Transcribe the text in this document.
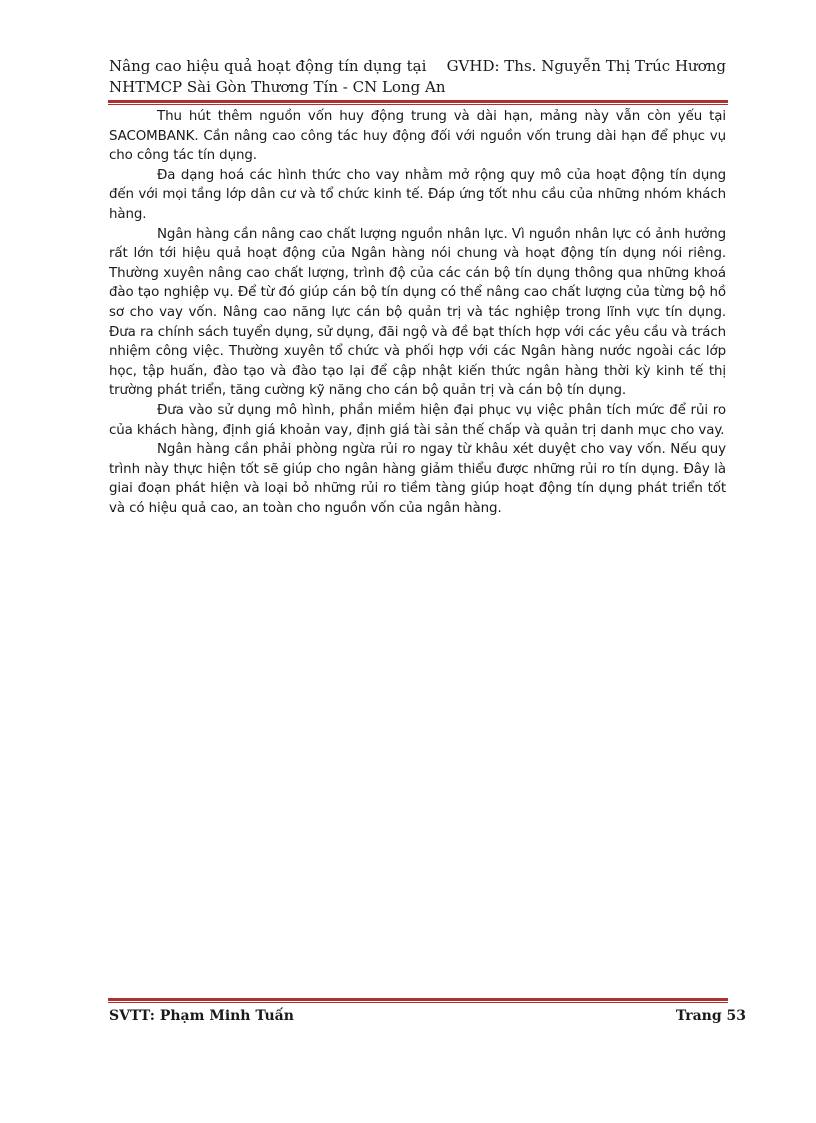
Nâng cao hiệu quả hoạt động tín dụng tại GVHD: Ths. Nguyễn Thị Trúc Hương
NHTMCP Sài Gòn Thương Tín - CN Long An

Thu hút thêm nguồn vốn huy động trung và dài hạn, mảng này vẫn còn yếu tại SACOMBANK. Cần nâng cao công tác huy động đối với nguồn vốn trung dài hạn để phục vụ cho công tác tín dụng.

Đa dạng hoá các hình thức cho vay nhằm mở rộng quy mô của hoạt động tín dụng đến với mọi tầng lớp dân cư và tổ chức kinh tế. Đáp ứng tốt nhu cầu của những nhóm khách hàng.

Ngân hàng cần nâng cao chất lượng nguồn nhân lực. Vì nguồn nhân lực có ảnh hưởng rất lớn tới hiệu quả hoạt động của Ngân hàng nói chung và hoạt động tín dụng nói riêng. Thường xuyên nâng cao chất lượng, trình độ của các cán bộ tín dụng thông qua những khoá đào tạo nghiệp vụ. Để từ đó giúp cán bộ tín dụng có thể nâng cao chất lượng của từng bộ hồ sơ cho vay vốn. Nâng cao năng lực cán bộ quản trị và tác nghiệp trong lĩnh vực tín dụng. Đưa ra chính sách tuyển dụng, sử dụng, đãi ngộ và đề bạt thích hợp với các yêu cầu và trách nhiệm công việc. Thường xuyên tổ chức và phối hợp với các Ngân hàng nước ngoài các lớp học, tập huấn, đào tạo và đào tạo lại để cập nhật kiến thức ngân hàng thời kỳ kinh tế thị trường phát triển, tăng cường kỹ năng cho cán bộ quản trị và cán bộ tín dụng.

Đưa vào sử dụng mô hình, phần miềm hiện đại phục vụ việc phân tích mức để rủi ro của khách hàng, định giá khoản vay, định giá tài sản thế chấp và quản trị danh mục cho vay.

Ngân hàng cần phải phòng ngừa rủi ro ngay từ khâu xét duyệt cho vay vốn. Nếu quy trình này thực hiện tốt sẽ giúp cho ngân hàng giảm thiểu được những rủi ro tín dụng. Đây là giai đoạn phát hiện và loại bỏ những rủi ro tiềm tàng giúp hoạt động tín dụng phát triển tốt và có hiệu quả cao, an toàn cho nguồn vốn của ngân hàng.

SVTT: Phạm Minh Tuấn	Trang 53
